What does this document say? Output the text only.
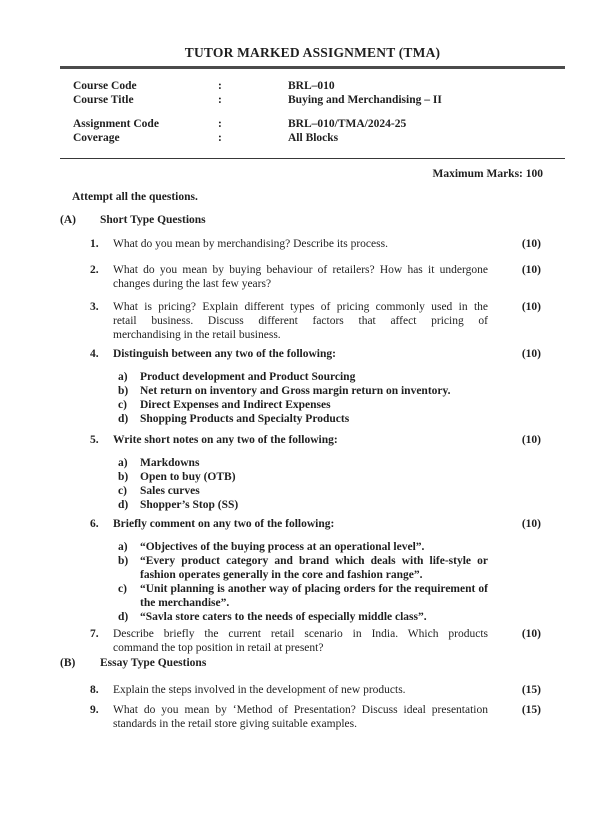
TUTOR MARKED ASSIGNMENT (TMA)
Course Code	:	BRL–010
Course Title	:	Buying and Merchandising – II
Assignment Code	:	BRL–010/TMA/2024-25
Coverage	:	All Blocks
Maximum Marks: 100
Attempt all the questions.
(A)	Short Type Questions
1.	What do you mean by merchandising? Describe its process.	(10)
2.	What do you mean by buying behaviour of retailers? How has it undergone
changes during the last few years?
(10)
3.	What is pricing? Explain different types of pricing commonly used in the
retail business. Discuss different factors that affect pricing of
merchandising in the retail business.
(10)
4.	Distinguish between any two of the following:
a)	Product development and Product Sourcing
b)	Net return on inventory and Gross margin return on inventory.
c)	Direct Expenses and Indirect Expenses
d)	Shopping Products and Specialty Products
(10)
5.	Write short notes on any two of the following:
a)	Markdowns
b)	Open to buy (OTB)
c)	Sales curves
d)	Shopper’s Stop (SS)
(10)
6.	Briefly comment on any two of the following:
a)	“Objectives of the buying process at an operational level”.
b)	“Every product category and brand which deals with life-style or
fashion operates generally in the core and fashion range”.
c)	“Unit planning is another way of placing orders for the requirement of
the merchandise”.
d)	“Savla store caters to the needs of especially middle class”.
(10)
7.	Describe briefly the current retail scenario in India. Which products
command the top position in retail at present?
(10)
(B)	Essay Type Questions
8.	Explain the steps involved in the development of new products.	(15)
9.	What do you mean by ‘Method of Presentation? Discuss ideal presentation
standards in the retail store giving suitable examples.
(15)
